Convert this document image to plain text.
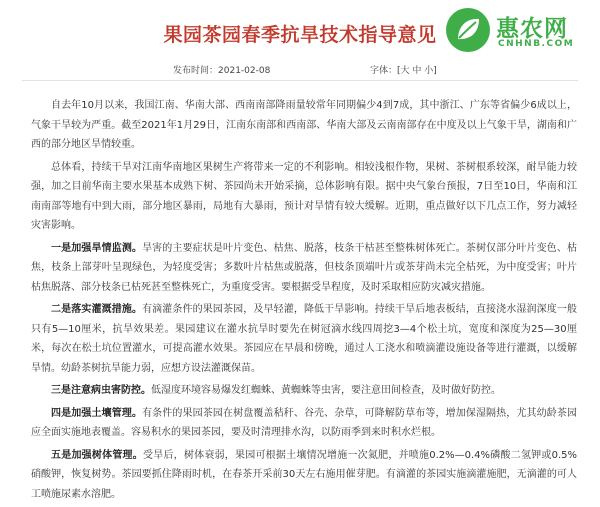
果园茶园春季抗旱技术指导意见	惠农网
CNHNB.COM
发布时间：2021-02-08	字体：[大 中 小]

自去年10月以来，我国江南、华南大部、西南南部降雨量较常年同期偏少4到7成，其中浙江、广东等省偏少6成以上，气象干旱较为严重。截至2021年1月29日，江南东南部和西南部、华南大部及云南南部存在中度及以上气象干旱，湖南和广西的部分地区旱情较重。

总体看，持续干旱对江南华南地区果树生产将带来一定的不利影响。相较浅根作物，果树、茶树根系较深，耐旱能力较强，加之目前华南主要水果基本成熟下树、茶园尚未开始采摘，总体影响有限。据中央气象台预报，7日至10日，华南和江南南部等地有中到大雨，部分地区暴雨，局地有大暴雨，预计对旱情有较大缓解。近期，重点做好以下几点工作，努力减轻灾害影响。

一是加强旱情监测。旱害的主要症状是叶片变色、枯焦、脱落，枝条干枯甚至整株树体死亡。茶树仅部分叶片变色、枯焦，枝条上部芽叶呈现绿色，为轻度受害；多数叶片枯焦或脱落，但枝条顶端叶片或茶芽尚未完全枯死，为中度受害；叶片枯焦脱落、部分枝条已枯死甚至整株死亡，为重度受害。要根据受旱程度，及时采取相应防灾减灾措施。

二是落实灌溉措施。有滴灌条件的果园茶园，及早轻灌，降低干旱影响。持续干旱后地表板结，直接浇水湿润深度一般只有5—10厘米，抗旱效果差。果园建议在灌水抗旱时要先在树冠滴水线四周挖3—4个松土坑，宽度和深度为25—30厘米，每次在松土坑位置灌水，可提高灌水效果。茶园应在早晨和傍晚，通过人工浇水和喷滴灌设施设备等进行灌溉，以缓解旱情。幼龄茶树抗旱能力弱，应想方设法灌溉保苗。

三是注意病虫害防控。低湿度环境容易爆发红蜘蛛、黄蜘蛛等虫害，要注意田间检查，及时做好防控。

四是加强土壤管理。有条件的果园茶园在树盘覆盖秸秆、谷壳、杂草，可降解防草布等，增加保湿隔热，尤其幼龄茶园应全面实施地表覆盖。容易积水的果园茶园，要及时清理排水沟，以防雨季到来时积水烂根。

五是加强树体管理。受旱后，树体衰弱，果园可根据土壤情况增施一次氮肥，并喷施0.2%—0.4%磷酸二氢钾或0.5%硝酸钾，恢复树势。茶园要抓住降雨时机，在春茶开采前30天左右施用催芽肥。有滴灌的茶园实施滴灌施肥，无滴灌的可人工喷施尿素水溶肥。
